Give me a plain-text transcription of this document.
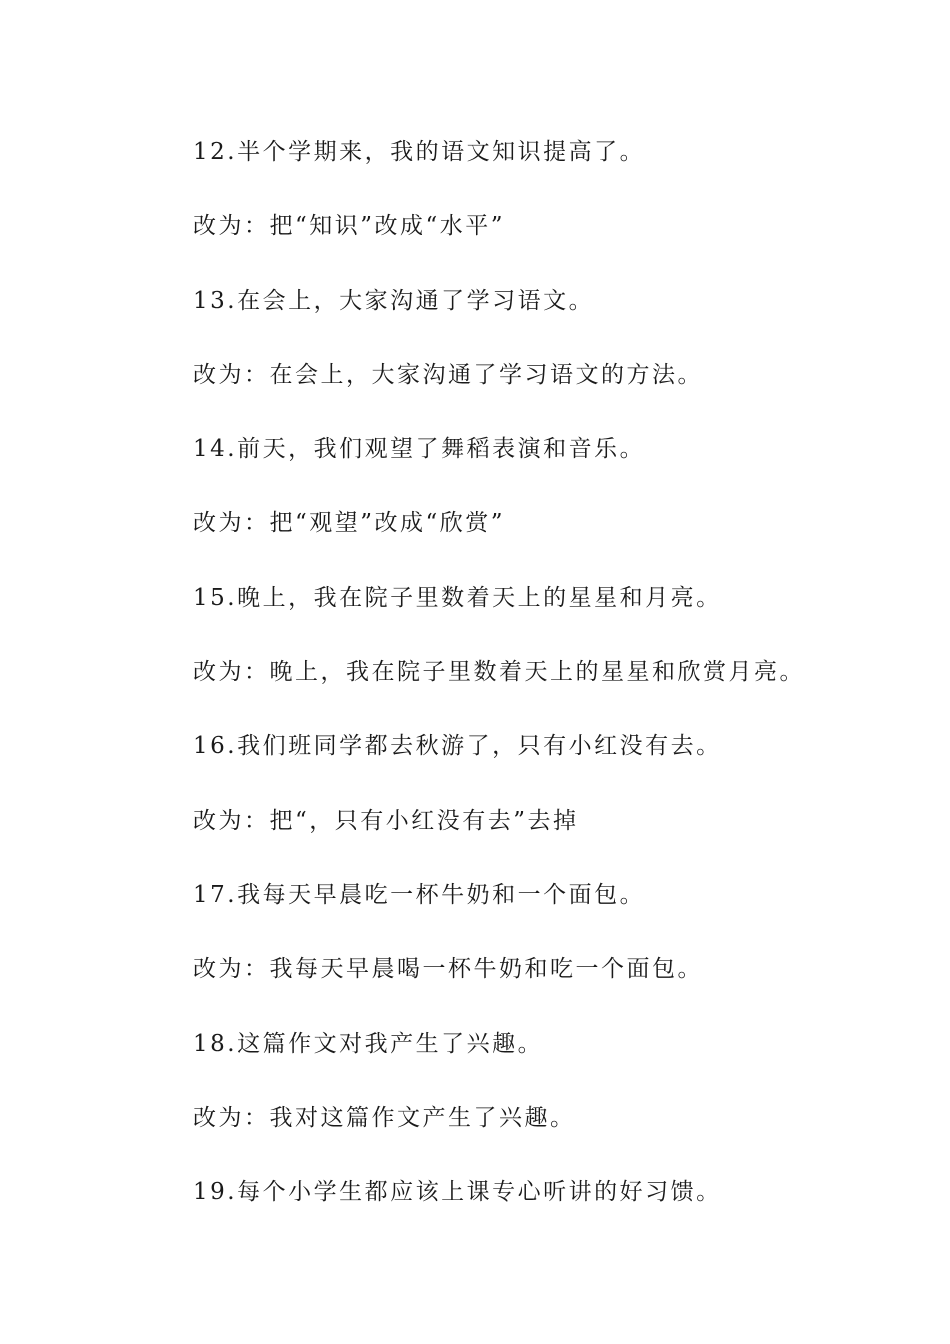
12.半个学期来，我的语文知识提高了。
改为：把“知识”改成“水平”
13.在会上，大家沟通了学习语文。
改为：在会上，大家沟通了学习语文的方法。
14.前天，我们观望了舞稻表演和音乐。
改为：把“观望”改成“欣赏”
15.晚上，我在院子里数着天上的星星和月亮。
改为：晚上，我在院子里数着天上的星星和欣赏月亮。
16.我们班同学都去秋游了，只有小红没有去。
改为：把“，只有小红没有去”去掉
17.我每天早晨吃一杯牛奶和一个面包。
改为：我每天早晨喝一杯牛奶和吃一个面包。
18.这篇作文对我产生了兴趣。
改为：我对这篇作文产生了兴趣。
19.每个小学生都应该上课专心听讲的好习馈。
